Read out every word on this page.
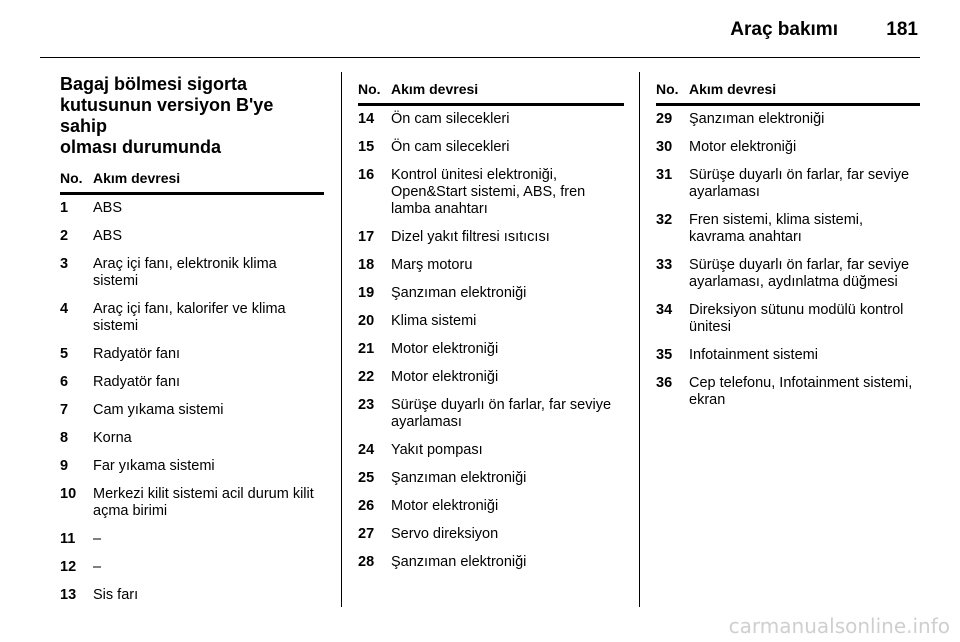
Araç bakımı	181
Bagaj bölmesi sigorta
kutusunun versiyon B'ye sahip
olması durumunda
No. Akım devresi
1	ABS
2	ABS
3	Araç içi fanı, elektronik klima sistemi
4	Araç içi fanı, kalorifer ve klima sistemi
5	Radyatör fanı
6	Radyatör fanı
7	Cam yıkama sistemi
8	Korna
9	Far yıkama sistemi
10	Merkezi kilit sistemi acil durum kilit açma birimi
11	–
12	–
13	Sis farı
No. Akım devresi
14	Ön cam silecekleri
15	Ön cam silecekleri
16	Kontrol ünitesi elektroniği, Open&Start sistemi, ABS, fren lamba anahtarı
17	Dizel yakıt filtresi ısıtıcısı
18	Marş motoru
19	Şanzıman elektroniği
20	Klima sistemi
21	Motor elektroniği
22	Motor elektroniği
23	Sürüşe duyarlı ön farlar, far seviye ayarlaması
24	Yakıt pompası
25	Şanzıman elektroniği
26	Motor elektroniği
27	Servo direksiyon
28	Şanzıman elektroniği
No. Akım devresi
29	Şanzıman elektroniği
30	Motor elektroniği
31	Sürüşe duyarlı ön farlar, far seviye ayarlaması
32	Fren sistemi, klima sistemi, kavrama anahtarı
33	Sürüşe duyarlı ön farlar, far seviye ayarlaması, aydınlatma düğmesi
34	Direksiyon sütunu modülü kontrol ünitesi
35	Infotainment sistemi
36	Cep telefonu, Infotainment sistemi, ekran
carmanualsonline.info
